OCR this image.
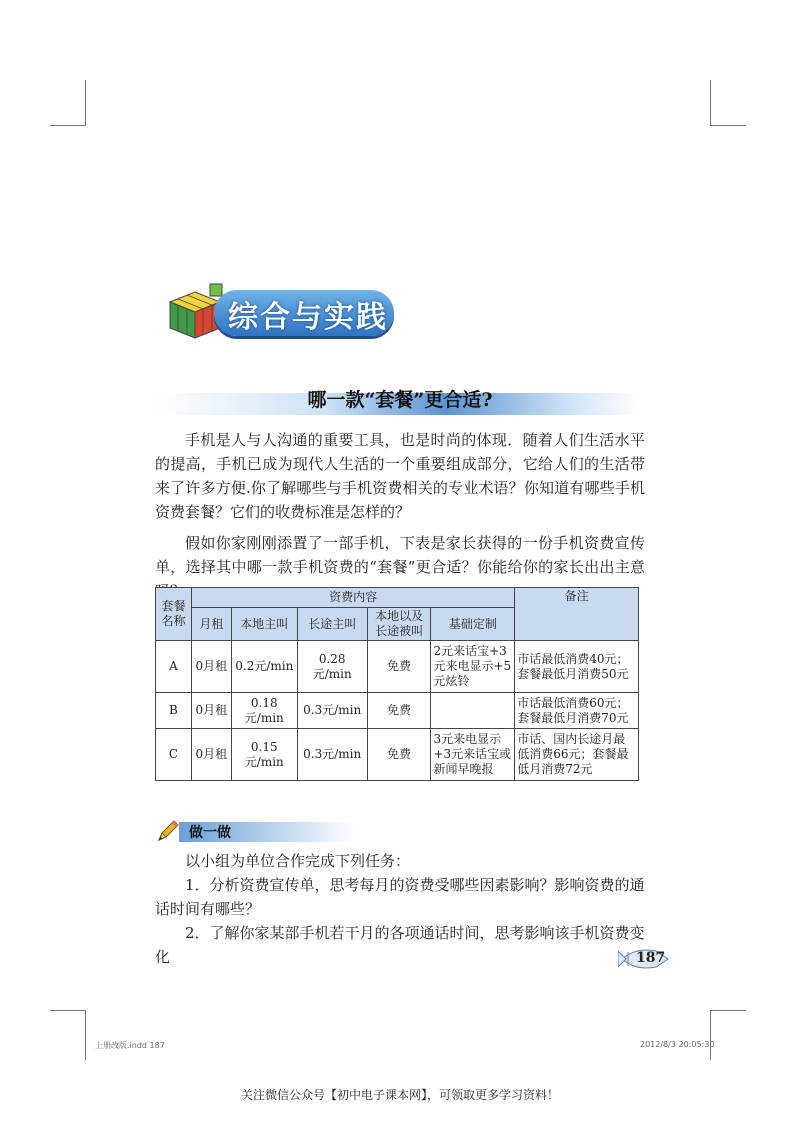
综合与实践
哪一款“套餐”更合适?

手机是人与人沟通的重要工具，也是时尚的体现．随着人们生活水平的提高，手机已成为现代人生活的一个重要组成部分，它给人们的生活带来了许多方便.你了解哪些与手机资费相关的专业术语？你知道有哪些手机资费套餐？它们的收费标准是怎样的？

假如你家刚刚添置了一部手机，下表是家长获得的一份手机资费宣传单，选择其中哪一款手机资费的“套餐”更合适？你能给你的家长出出主意

套餐名称	资费内容					备注
	月租	本地主叫	长途主叫	本地以及长途被叫	基础定制	
A	0月租	0.2元/min	0.28元/min	免费	2元来话宝+3元来电显示+5元炫铃	市话最低消费40元；套餐最低月消费50元
B	0月租	0.18元/min	0.3元/min	免费		市话最低消费60元；套餐最低月消费70元
C	0月租	0.15元/min	0.3元/min	免费	3元来电显示+3元来话宝或新闻早晚报	市话、国内长途月最低消费66元；套餐最低月消费72元
做一做

以小组为单位合作完成下列任务：

1．分析资费宣传单，思考每月的资费受哪些因素影响？影响资费的通话时间有哪些？

2．了解你家某部手机若干月的各项通话时间，思考影响该手机资费变化	187
上册改版.indd 187	2012/8/3 20:05:30
关注微信公众号【初中电子课本网】，可领取更多学习资料！
